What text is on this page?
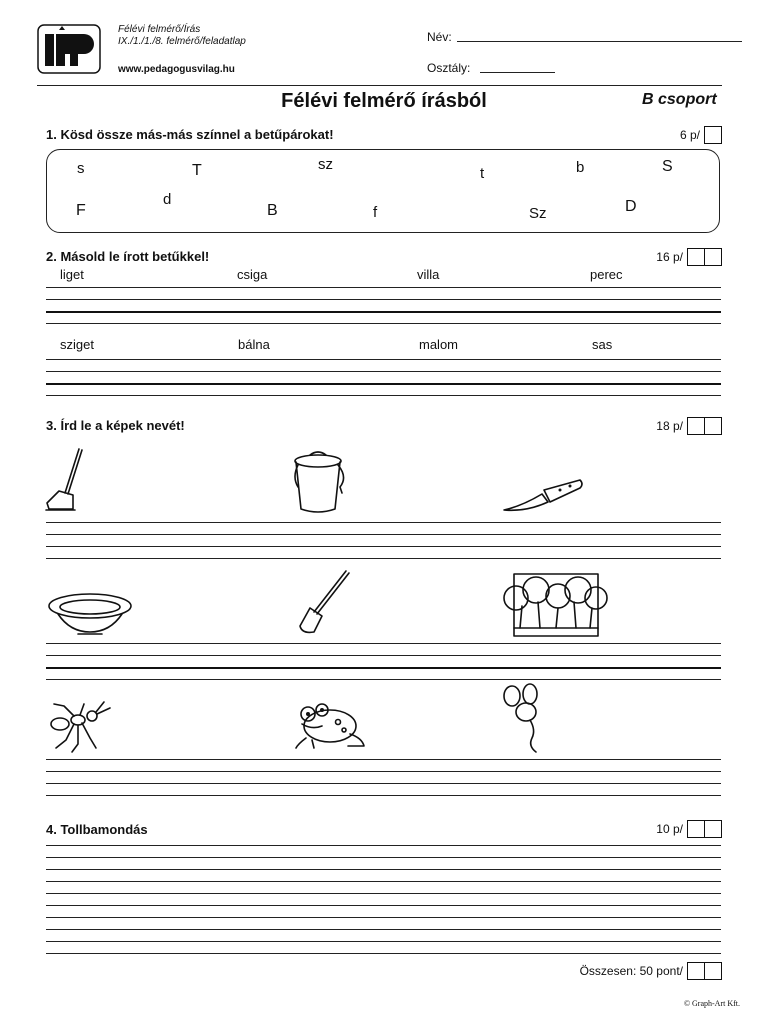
Félévi felmérő/Írás
IX./1./1./8. felmérő/feladatlap
www.pedagogusvilag.hu
Név:
Osztály:
Félévi felmérő írásból	B csoport
1. Kösd össze más-más színnel a betűpárokat!	6 p/
s	T	sz
t	b	S
F
d
B	f	Sz	D
2. Másold le írott betűkkel!	16 p/
liget	csiga	villa	perec
sziget	bálna	malom	sas
3. Írd le a képek nevét!	18 p/
4. Tollbamondás	10 p/
Összesen: 50 pont/
© Graph-Art Kft.
